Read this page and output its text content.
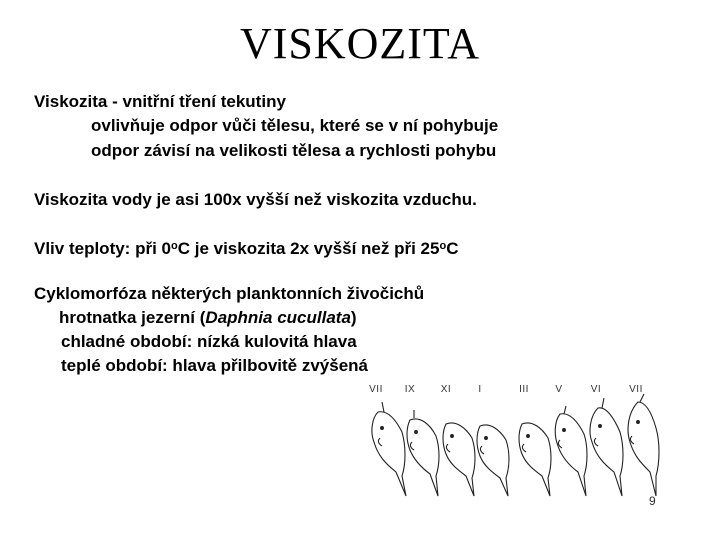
VISKOZITA
Viskozita - vnitřní tření tekutiny
ovlivňuje odpor vůči tělesu, které se v ní pohybuje
odpor závisí na velikosti tělesa a rychlosti pohybu
Viskozita vody je asi 100x vyšší než viskozita vzduchu.
Vliv teploty: při 0$^o$C je viskozita 2x vyšší než při 25$^o$C
Cyklomorfóza některých planktonních živočichů
hrotnatka jezerní (Daphnia cucullata)
chladné období: nízká kulovitá hlava
teplé období: hlava přilbovitě zvýšená
VII	IX	XI	I	III	V	VI	VII
9
